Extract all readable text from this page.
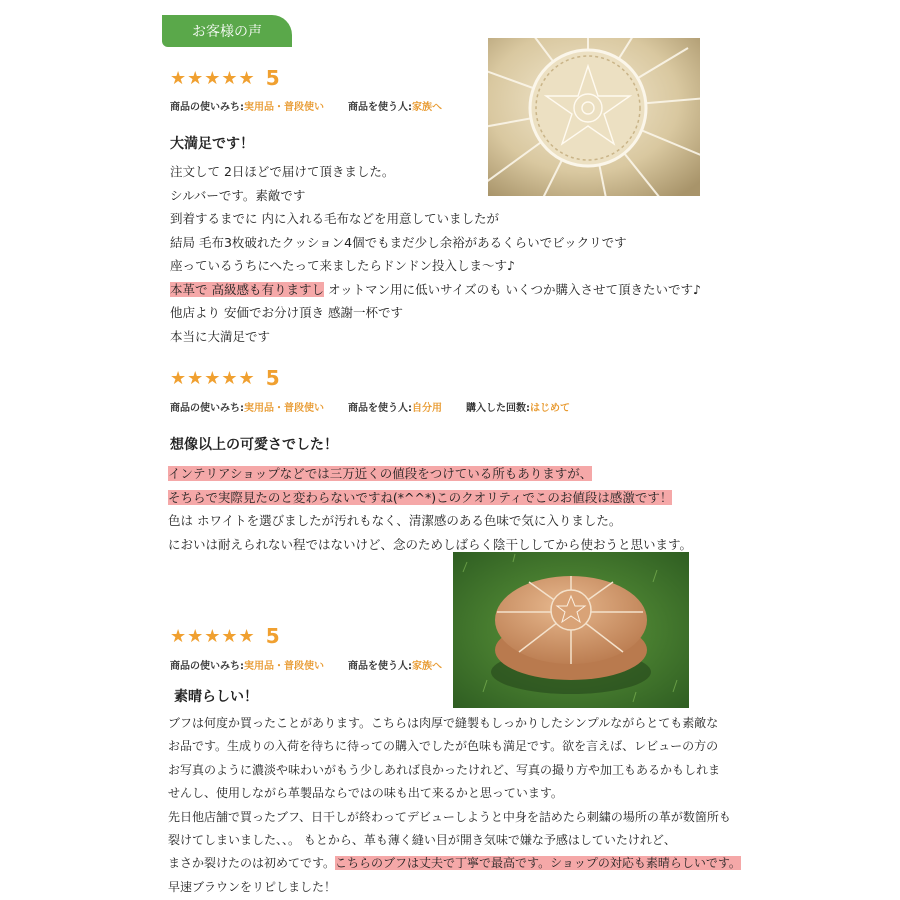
お客様の声
★★★★★ 5
商品の使いみち:実用品・普段使い 商品を使う人:家族へ
大満足です！

注文して 2日ほどで届けて頂きました。

シルバーです。素敵です

到着するまでに 内に入れる毛布などを用意していましたが

結局 毛布3枚破れたクッション4個でもまだ少し余裕があるくらいでビックリです

座っているうちにへたって来ましたらドンドン投入しま～す♪

本革で 高級感も有りますし オットマン用に低いサイズのも いくつか購入させて頂きたいです♪

他店より 安価でお分け頂き 感謝一杯です

本当に大満足です

★★★★★ 5
商品の使いみち:実用品・普段使い 商品を使う人:自分用 購入した回数:はじめて
想像以上の可愛さでした！

インテリアショップなどでは三万近くの値段をつけている所もありますが、

そちらで実際見たのと変わらないですね(*^^*)このクオリティでこのお値段は感激です！

色は ホワイトを選びましたが汚れもなく、清潔感のある色味で気に入りました。

においは耐えられない程ではないけど、念のためしばらく陰干ししてから使おうと思います。

★★★★★ 5
商品の使いみち:実用品・普段使い 商品を使う人:家族へ
素晴らしい！

ブフは何度か買ったことがあります。こちらは肉厚で縫製もしっかりしたシンプルながらとても素敵な

お品です。生成りの入荷を待ちに待っての購入でしたが色味も満足です。欲を言えば、レビューの方の

お写真のように濃淡や味わいがもう少しあれば良かったけれど、写真の撮り方や加工もあるかもしれま

せんし、使用しながら革製品ならではの味も出て来るかと思っています。

先日他店舗で買ったブフ、日干しが終わってデビューしようと中身を詰めたら刺繍の場所の革が数箇所も

裂けてしまいました、、。 もとから、革も薄く縫い目が開き気味で嫌な予感はしていたけれど、

まさか裂けたのは初めてです。こちらのブフは丈夫で丁寧で最高です。ショップの対応も素晴らしいです。

早速ブラウンをリピしました！
